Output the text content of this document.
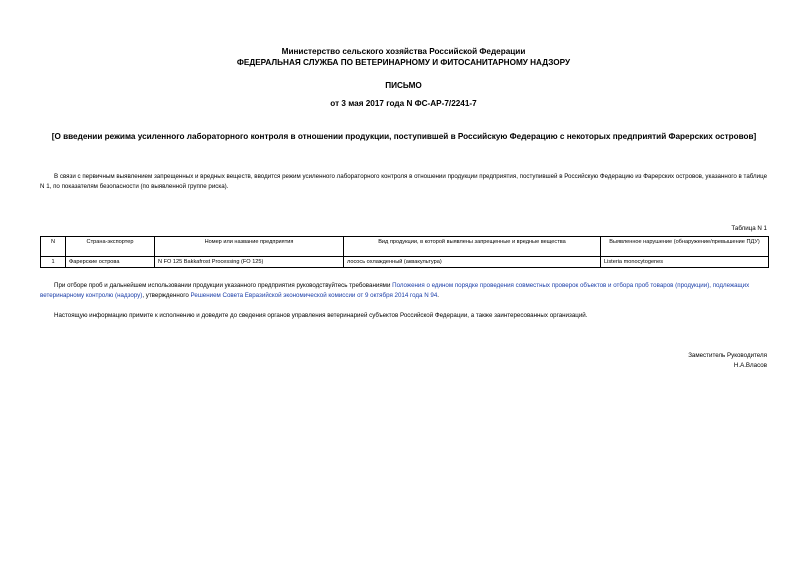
Министерство сельского хозяйства Российской Федерации
ФЕДЕРАЛЬНАЯ СЛУЖБА ПО ВЕТЕРИНАРНОМУ И ФИТОСАНИТАРНОМУ НАДЗОРУ
ПИСЬМО
от 3 мая 2017 года N ФС-АР-7/2241-7
[О введении режима усиленного лабораторного контроля в отношении продукции, поступившей в Российскую Федерацию с некоторых предприятий Фарерских островов]
В связи с первичным выявлением запрещенных и вредных веществ, вводится режим усиленного лабораторного контроля в отношении продукции предприятия, поступившей в Российскую Федерацию из Фарерских островов, указанного в таблице N 1, по показателям безопасности (по выявленной группе риска).
Таблица N 1
N	Страна-экспортер	Номер или название предприятия	Вид продукции, в которой выявлены запрещенные и вредные вещества	Выявленное нарушение (обнаружение/превышение ПДУ)
1	Фарерские острова	N FO 125 Bakkafrost Processing (FO 125)	лосось охлажденный (аквакультура)	Listeria monocytogenes
При отборе проб и дальнейшем использовании продукции указанного предприятия руководствуйтесь требованиями Положения о едином порядке проведения совместных проверок объектов и отбора проб товаров (продукции), подлежащих ветеринарному контролю (надзору), утвержденного Решением Совета Евразийской экономической комиссии от 9 октября 2014 года N 94.
Настоящую информацию примите к исполнению и доведите до сведения органов управления ветеринарией субъектов Российской Федерации, а также заинтересованных организаций.
Заместитель Руководителя
Н.А.Власов
